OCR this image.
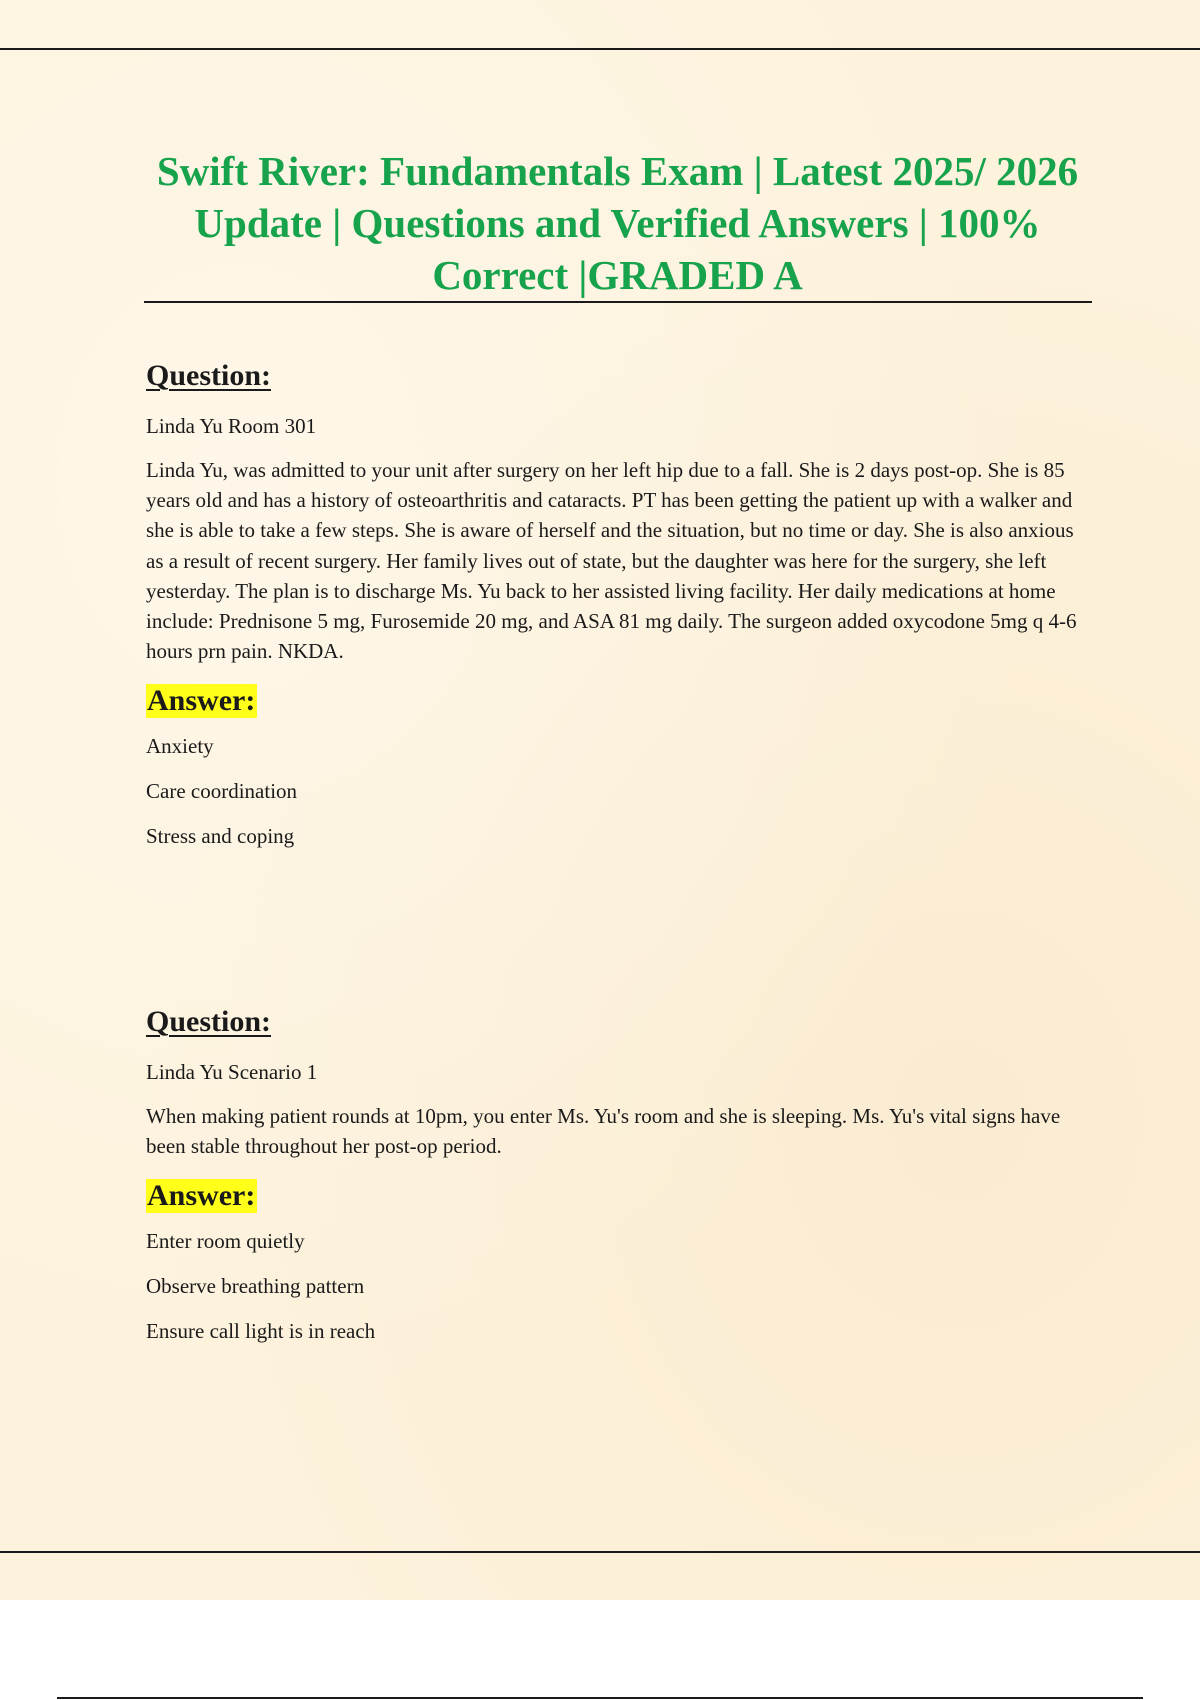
Swift River: Fundamentals Exam | Latest 2025/ 2026 Update | Questions and Verified Answers | 100% Correct |GRADED A

Question:

Linda Yu Room 301

Linda Yu, was admitted to your unit after surgery on her left hip due to a fall. She is 2 days post-op. She is 85 years old and has a history of osteoarthritis and cataracts. PT has been getting the patient up with a walker and she is able to take a few steps. She is aware of herself and the situation, but no time or day. She is also anxious as a result of recent surgery. Her family lives out of state, but the daughter was here for the surgery, she left yesterday. The plan is to discharge Ms. Yu back to her assisted living facility. Her daily medications at home include: Prednisone 5 mg, Furosemide 20 mg, and ASA 81 mg daily. The surgeon added oxycodone 5mg q 4-6 hours prn pain. NKDA.

Answer:

Anxiety

Care coordination

Stress and coping

Question:

Linda Yu Scenario 1

When making patient rounds at 10pm, you enter Ms. Yu's room and she is sleeping. Ms. Yu's vital signs have been stable throughout her post-op period.

Answer:

Enter room quietly

Observe breathing pattern

Ensure call light is in reach
